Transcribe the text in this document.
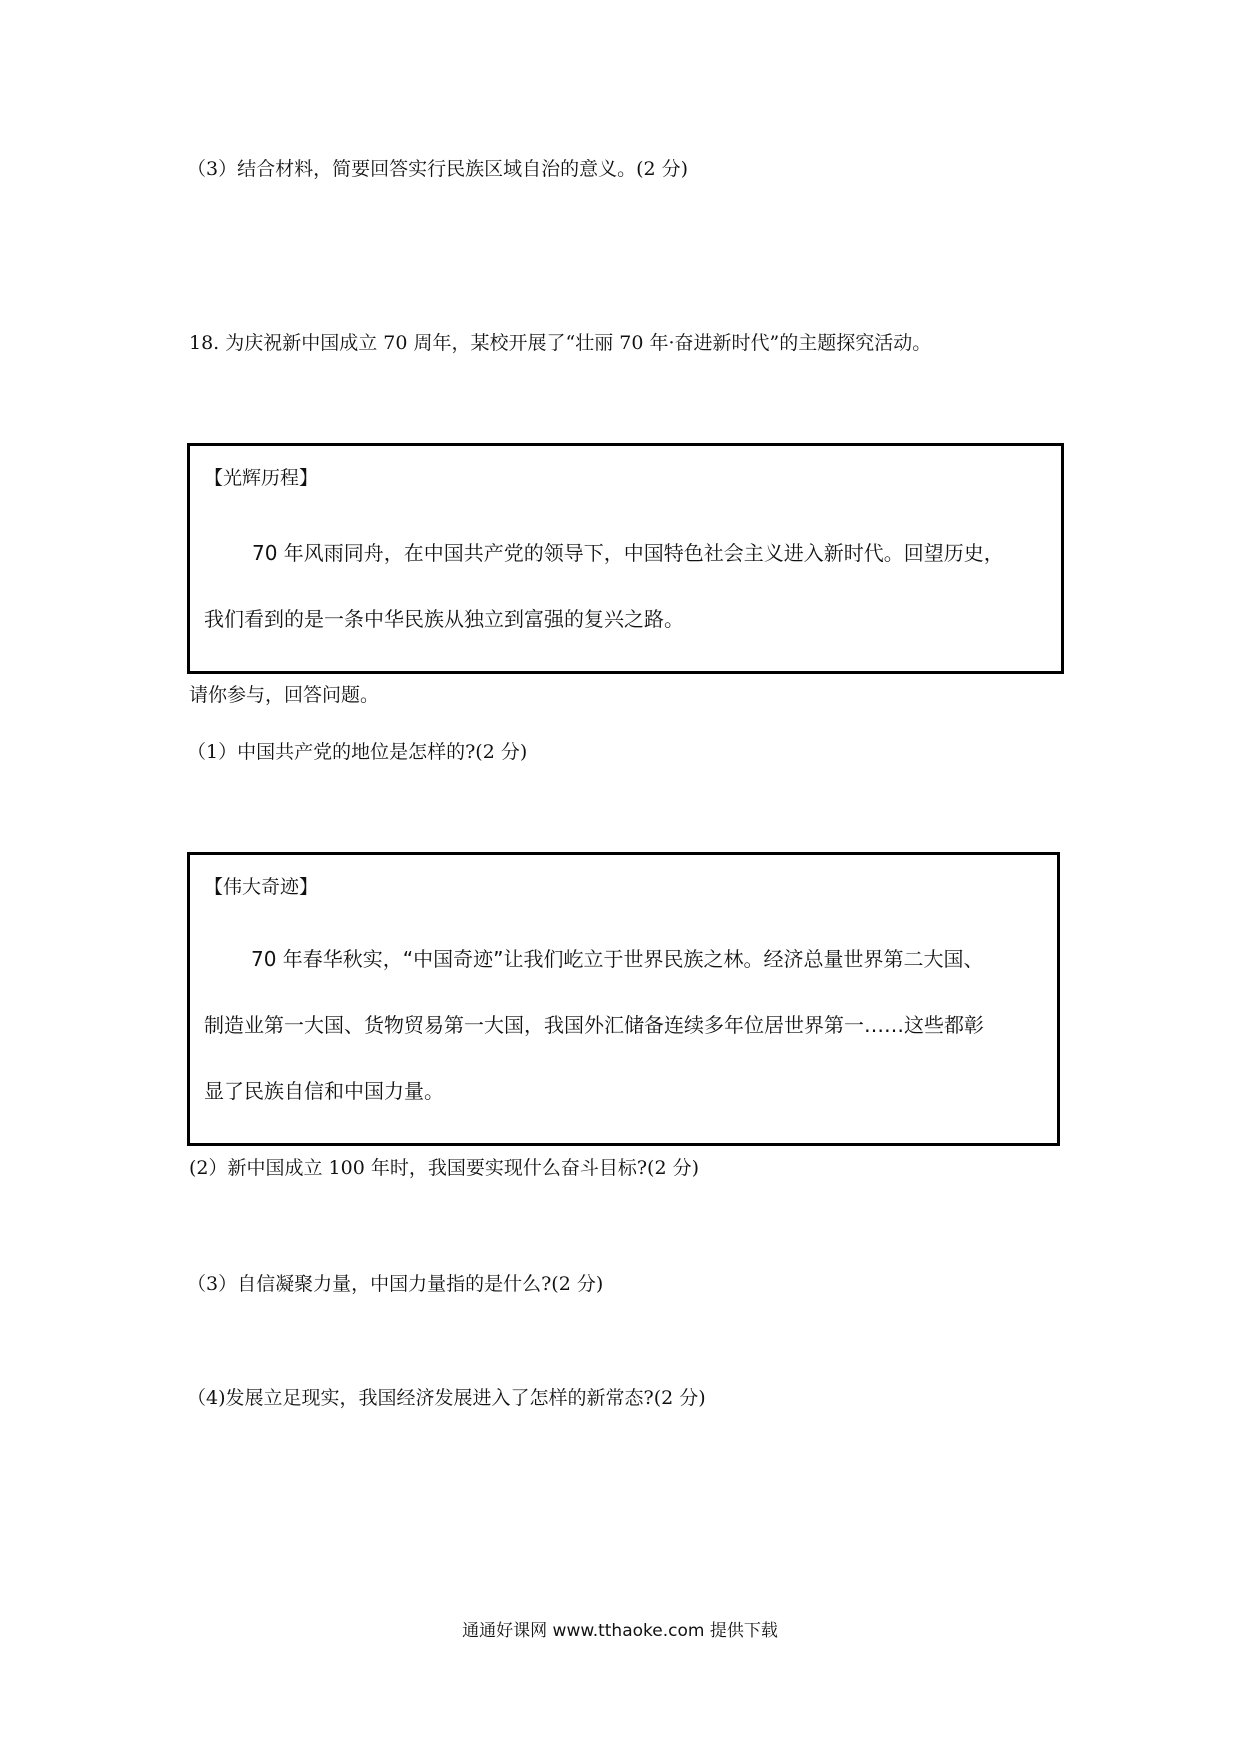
（3）结合材料，简要回答实行民族区域自治的意义。(2 分)
18. 为庆祝新中国成立 70 周年，某校开展了“壮丽 70 年·奋进新时代”的主题探究活动。
【光辉历程】
70 年风雨同舟，在中国共产党的领导下，中国特色社会主义进入新时代。回望历史，
我们看到的是一条中华民族从独立到富强的复兴之路。
请你参与，回答问题。
（1）中国共产党的地位是怎样的?(2 分)
【伟大奇迹】
70 年春华秋实，“中国奇迹”让我们屹立于世界民族之林。经济总量世界第二大国、
制造业第一大国、货物贸易第一大国，我国外汇储备连续多年位居世界第一……这些都彰
显了民族自信和中国力量。
(2）新中国成立 100 年时，我国要实现什么奋斗目标?(2 分)
（3）自信凝聚力量，中国力量指的是什么?(2 分)
（4)发展立足现实，我国经济发展进入了怎样的新常态?(2 分)
通通好课网 www.tthaoke.com 提供下载
